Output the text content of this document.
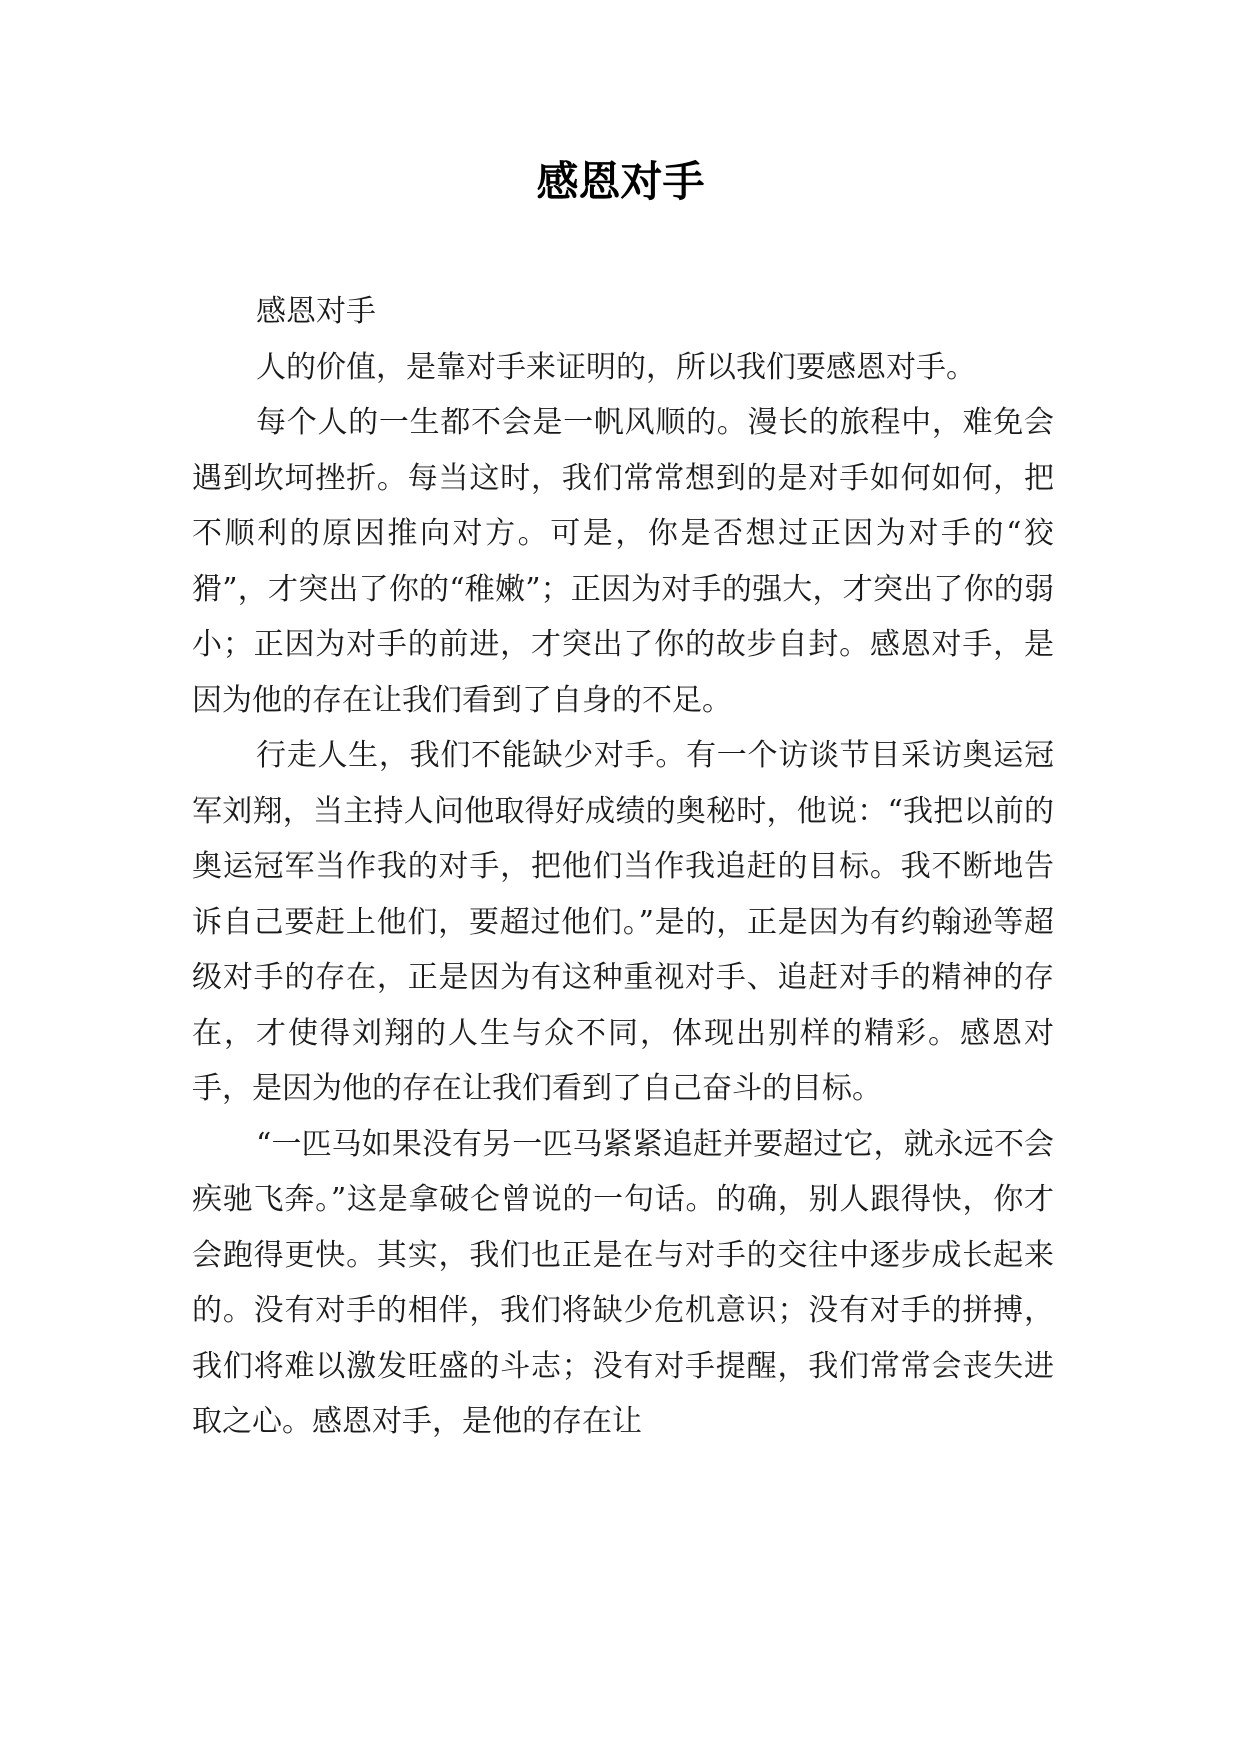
感恩对手

感恩对手

人的价值，是靠对手来证明的，所以我们要感恩对手。

每个人的一生都不会是一帆风顺的。漫长的旅程中，难免会遇到坎坷挫折。每当这时，我们常常想到的是对手如何如何，把不顺利的原因推向对方。可是，你是否想过正因为对手的“狡猾”，才突出了你的“稚嫩”；正因为对手的强大，才突出了你的弱小；正因为对手的前进，才突出了你的故步自封。感恩对手，是因为他的存在让我们看到了自身的不足。

行走人生，我们不能缺少对手。有一个访谈节目采访奥运冠军刘翔，当主持人问他取得好成绩的奥秘时，他说：“我把以前的奥运冠军当作我的对手，把他们当作我追赶的目标。我不断地告诉自己要赶上他们，要超过他们。”是的，正是因为有约翰逊等超级对手的存在，正是因为有这种重视对手、追赶对手的精神的存在，才使得刘翔的人生与众不同，体现出别样的精彩。感恩对手，是因为他的存在让我们看到了自己奋斗的目标。

“一匹马如果没有另一匹马紧紧追赶并要超过它，就永远不会疾驰飞奔。”这是拿破仑曾说的一句话。的确，别人跟得快，你才会跑得更快。其实，我们也正是在与对手的交往中逐步成长起来的。没有对手的相伴，我们将缺少危机意识；没有对手的拼搏，我们将难以激发旺盛的斗志；没有对手提醒，我们常常会丧失进取之心。感恩对手，是他的存在让
